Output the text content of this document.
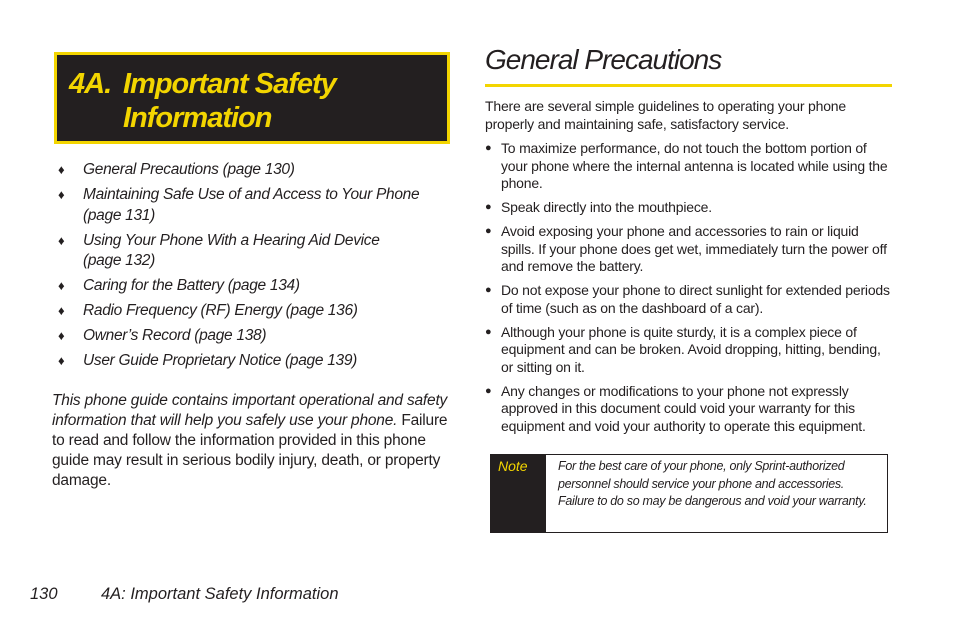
4A. Important Safety
Information
♦ General Precautions (page 130)
♦ Maintaining Safe Use of and Access to Your Phone
(page 131)
♦ Using Your Phone With a Hearing Aid Device
(page 132)
♦ Caring for the Battery (page 134)
♦ Radio Frequency (RF) Energy (page 136)
♦ Owner’s Record (page 138)
♦ User Guide Proprietary Notice (page 139)

This phone guide contains important operational and safety information that will help you safely use your phone. Failure to read and follow the information provided in this phone guide may result in serious bodily injury, death, or property damage.

General Precautions

There are several simple guidelines to operating your phone properly and maintaining safe, satisfactory service.

● To maximize performance, do not touch the bottom portion of your phone where the internal antenna is located while using the phone.
● Speak directly into the mouthpiece.
● Avoid exposing your phone and accessories to rain or liquid spills. If your phone does get wet, immediately turn the power off and remove the battery.
● Do not expose your phone to direct sunlight for extended periods of time (such as on the dashboard of a car).
● Although your phone is quite sturdy, it is a complex piece of equipment and can be broken. Avoid dropping, hitting, bending, or sitting on it.
● Any changes or modifications to your phone not expressly approved in this document could void your warranty for this equipment and void your authority to operate this equipment.
Note	For the best care of your phone, only Sprint-authorized personnel should service your phone and accessories. Failure to do so may be dangerous and void your warranty.
130	4A: Important Safety Information
